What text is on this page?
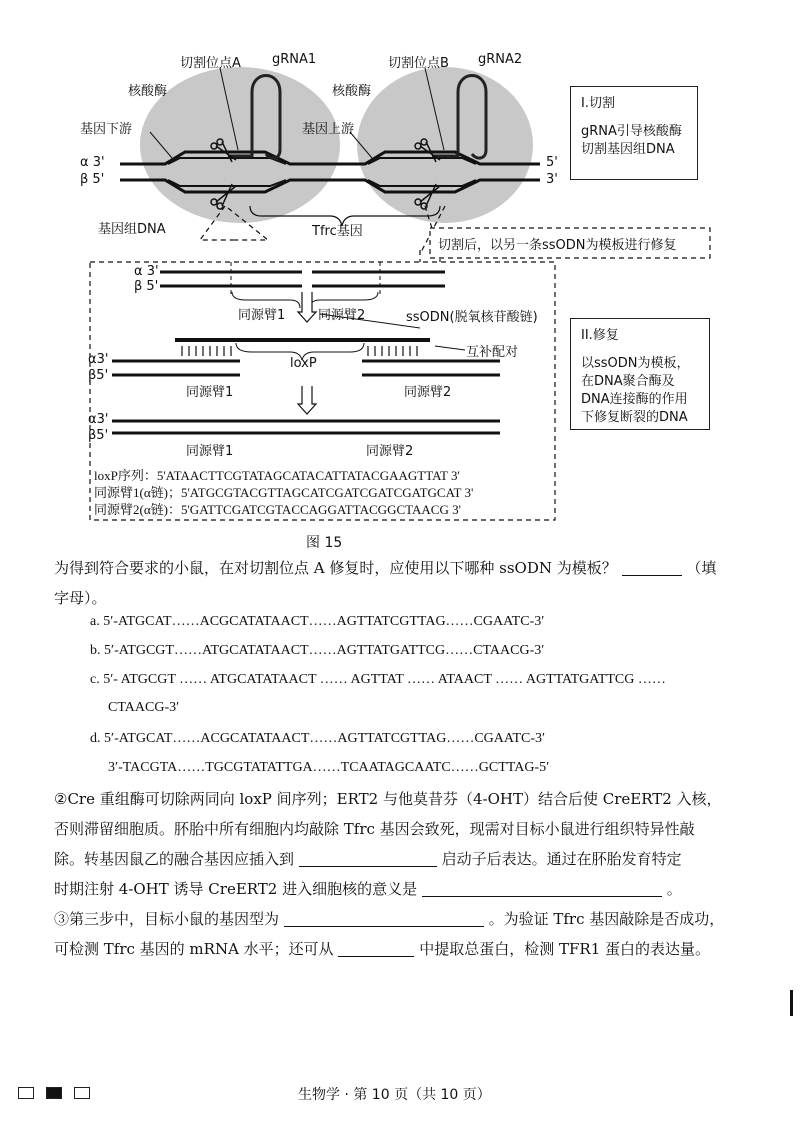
切割位点A gRNA1
核酸酶
基因下游
切割位点B gRNA2
核酸酶
基因上游
α 3'
β 5'
5'
3'
基因组DNA	Tfrc基因
切割后，以另一条ssODN为模板进行修复
α 3'
β 5'
同源臂1	同源臂2	ssODN(脱氧核苷酸链)
互补配对
loxP
α3'
β5'
同源臂1	同源臂2
α3'
β5'
同源臂1	同源臂2
loxP序列：5'ATAACTTCGTATAGCATACATTATACGAAGTTAT 3'
同源臂1(α链)；5'ATGCGTACGTTAGCATCGATCGATCGATGCAT 3'
同源臂2(α链)：5'GATTCGATCGTACCAGGATTACGGCTAACG 3'
I.切割
gRNA引导核酸酶
切割基因组DNA
II.修复
以ssODN为模板，
在DNA聚合酶及
DNA连接酶的作用
下修复断裂的DNA
图 15
为得到符合要求的小鼠，在对切割位点 A 修复时，应使用以下哪种 ssODN 为模板？	（填
字母）。
a. 5′-ATGCAT……ACGCATATAACT……AGTTATCGTTAG……CGAATC-3′
b. 5′-ATGCGT……ATGCATATAACT……AGTTATGATTCG……CTAACG-3′
c. 5′- ATGCGT …… ATGCATATAACT …… AGTTAT …… ATAACT …… AGTTATGATTCG ……
CTAACG-3′
d. 5′-ATGCAT……ACGCATATAACT……AGTTATCGTTAG……CGAATC-3′
3′-TACGTA……TGCGTATATTGA……TCAATAGCAATC……GCTTAG-5′
②Cre 重组酶可切除两同向 loxP 间序列；ERT2 与他莫昔芬（4-OHT）结合后使 CreERT2 入核，
否则滞留细胞质。肧胎中所有细胞内均敲除 Tfrc 基因会致死，现需对目标小鼠进行组织特异性敲
除。转基因鼠乙的融合基因应插入到	启动子后表达。通过在肧胎发育特定
时期注射 4-OHT 诱导 CreERT2 进入细胞核的意义是	。
③第三步中，目标小鼠的基因型为	。为验证 Tfrc 基因敲除是否成功，
可检测 Tfrc 基因的 mRNA 水平；还可从	中提取总蛋白，检测 TFR1 蛋白的表达量。
生物学 · 第 10 页（共 10 页）
